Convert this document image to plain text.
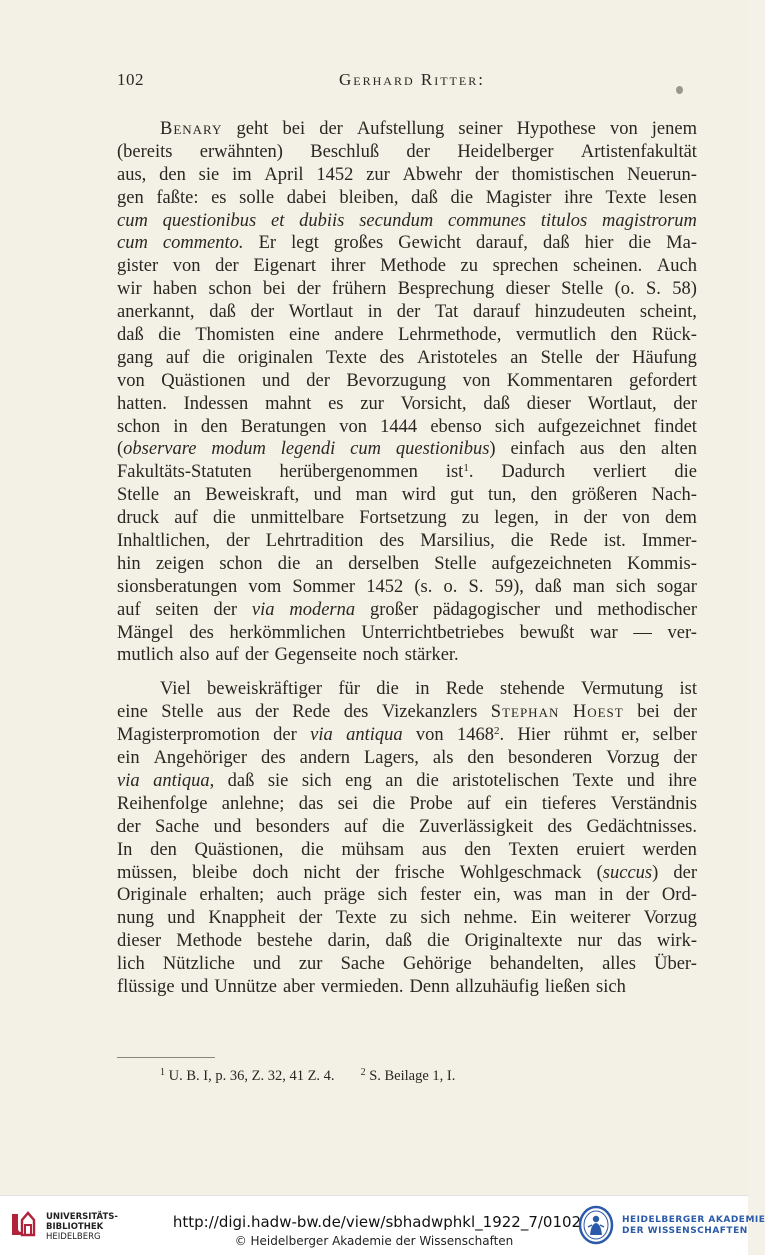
102	Gerhard Ritter:
Benary geht bei der Aufstellung seiner Hypothese von jenem
(bereits erwähnten) Beschluß der Heidelberger Artistenfakultät
aus, den sie im April 1452 zur Abwehr der thomistischen Neuerun-
gen faßte: es solle dabei bleiben, daß die Magister ihre Texte lesen
cum questionibus et dubiis secundum communes titulos magistrorum
cum commento. Er legt großes Gewicht darauf, daß hier die Ma-
gister von der Eigenart ihrer Methode zu sprechen scheinen. Auch
wir haben schon bei der frühern Besprechung dieser Stelle (o. S. 58)
anerkannt, daß der Wortlaut in der Tat darauf hinzudeuten scheint,
daß die Thomisten eine andere Lehrmethode, vermutlich den Rück-
gang auf die originalen Texte des Aristoteles an Stelle der Häufung
von Quästionen und der Bevorzugung von Kommentaren gefordert
hatten. Indessen mahnt es zur Vorsicht, daß dieser Wortlaut, der
schon in den Beratungen von 1444 ebenso sich aufgezeichnet findet
(observare modum legendi cum questionibus) einfach aus den alten
Fakultäts-Statuten herübergenommen ist$^1$. Dadurch verliert die
Stelle an Beweiskraft, und man wird gut tun, den größeren Nach-
druck auf die unmittelbare Fortsetzung zu legen, in der von dem
Inhaltlichen, der Lehrtradition des Marsilius, die Rede ist. Immer-
hin zeigen schon die an derselben Stelle aufgezeichneten Kommis-
sionsberatungen vom Sommer 1452 (s. o. S. 59), daß man sich sogar
auf seiten der via moderna großer pädagogischer und methodischer
Mängel des herkömmlichen Unterrichtbetriebes bewußt war — ver-
mutlich also auf der Gegenseite noch stärker.
Viel beweiskräftiger für die in Rede stehende Vermutung ist
eine Stelle aus der Rede des Vizekanzlers Stephan Hoest bei der
Magisterpromotion der via antiqua von 1468$^2$. Hier rühmt er, selber
ein Angehöriger des andern Lagers, als den besonderen Vorzug der
via antiqua, daß sie sich eng an die aristotelischen Texte und ihre
Reihenfolge anlehne; das sei die Probe auf ein tieferes Verständnis
der Sache und besonders auf die Zuverlässigkeit des Gedächtnisses.
In den Quästionen, die mühsam aus den Texten eruiert werden
müssen, bleibe doch nicht der frische Wohlgeschmack (succus) der
Originale erhalten; auch präge sich fester ein, was man in der Ord-
nung und Knappheit der Texte zu sich nehme. Ein weiterer Vorzug
dieser Methode bestehe darin, daß die Originaltexte nur das wirk-
lich Nützliche und zur Sache Gehörige behandelten, alles Über-
flüssige und Unnütze aber vermieden. Denn allzuhäufig ließen sich
$^1$ U. B. I, p. 36, Z. 32, 41 Z. 4.	$^2$ S. Beilage 1, I.
UNIVERSITÄTS-
BIBLIOTHEK
HEIDELBERG
http://digi.hadw-bw.de/view/sbhadwphkl_1922_7/0102
© Heidelberger Akademie der Wissenschaften
HEIDELBERGER AKADEMIE
DER WISSENSCHAFTEN
